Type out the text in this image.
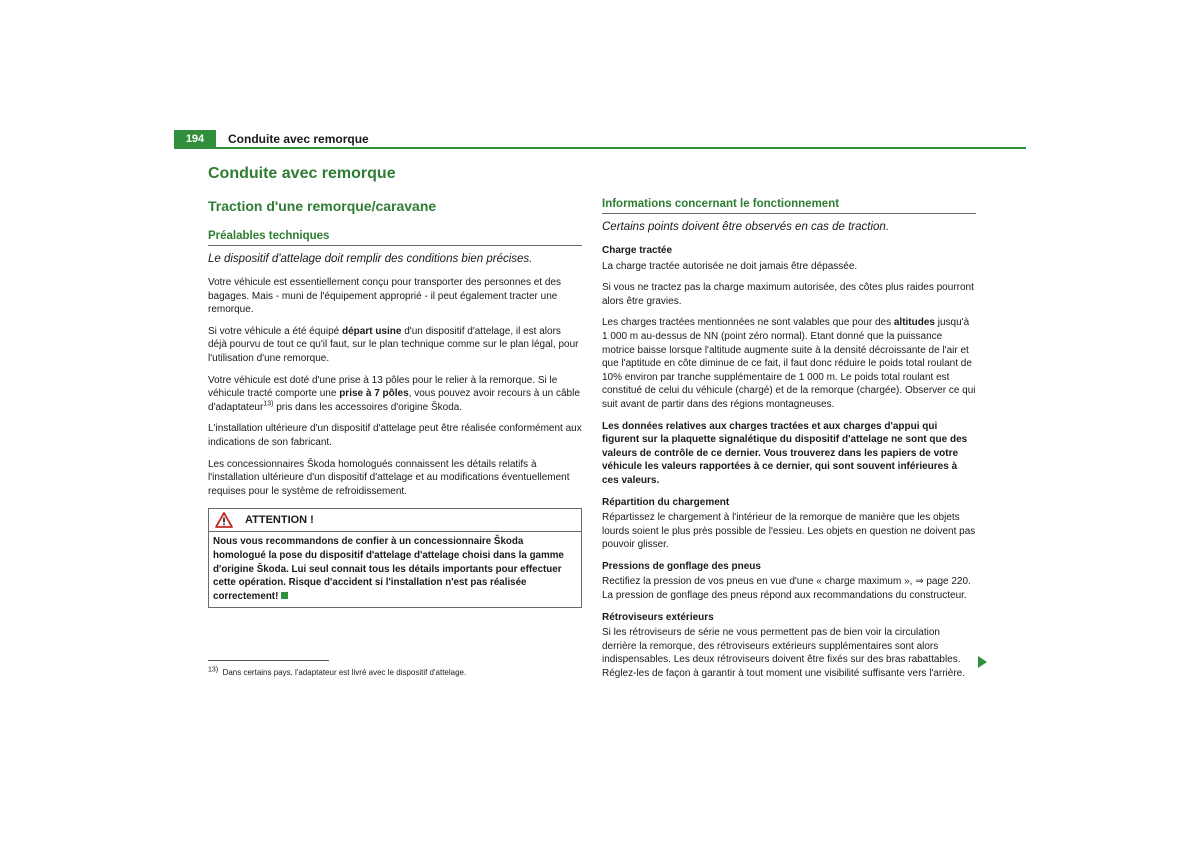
194	Conduite avec remorque
Conduite avec remorque
Traction d'une remorque/caravane
Préalables techniques
Le dispositif d'attelage doit remplir des conditions bien précises.

Votre véhicule est essentiellement conçu pour transporter des personnes et des bagages. Mais - muni de l'équipement approprié - il peut également tracter une remorque.

Si votre véhicule a été équipé départ usine d'un dispositif d'attelage, il est alors déjà pourvu de tout ce qu'il faut, sur le plan technique comme sur le plan légal, pour l'utilisation d'une remorque.

Votre véhicule est doté d'une prise à 13 pôles pour le relier à la remorque. Si le véhicule tracté comporte une prise à 7 pôles, vous pouvez avoir recours à un câble d'adaptateur$^{13)}$ pris dans les accessoires d'origine Škoda.

L'installation ultérieure d'un dispositif d'attelage peut être réalisée conformément aux indications de son fabricant.

Les concessionnaires Škoda homologués connaissent les détails relatifs à l'installation ultérieure d'un dispositif d'attelage et au modifications éventuellement requises pour le système de refroidissement.

ATTENTION !
Nous vous recommandons de confier à un concessionnaire Škoda homologué la pose du dispositif d'attelage d'attelage choisi dans la gamme d'origine Škoda. Lui seul connait tous les détails importants pour effectuer cette opération. Risque d'accident si l'installation n'est pas réalisée correctement!
$^{13)}$ Dans certains pays, l'adaptateur est livré avec le dispositif d'attelage.
Informations concernant le fonctionnement
Certains points doivent être observés en cas de traction.
Charge tractée

La charge tractée autorisée ne doit jamais être dépassée.

Si vous ne tractez pas la charge maximum autorisée, des côtes plus raides pourront alors être gravies.

Les charges tractées mentionnées ne sont valables que pour des altitudes jusqu'à 1 000 m au-dessus de NN (point zéro normal). Etant donné que la puissance motrice baisse lorsque l'altitude augmente suite à la densité décroissante de l'air et que l'aptitude en côte diminue de ce fait, il faut donc réduire le poids total roulant de 10% environ par tranche supplémentaire de 1 000 m. Le poids total roulant est constitué de celui du véhicule (chargé) et de la remorque (chargée). Observer ce qui suit avant de partir dans des régions montagneuses.

Les données relatives aux charges tractées et aux charges d'appui qui figurent sur la plaquette signalétique du dispositif d'attelage ne sont que des valeurs de contrôle de ce dernier. Vous trouverez dans les papiers de votre véhicule les valeurs rapportées à ce dernier, qui sont souvent inférieures à ces valeurs.

Répartition du chargement

Répartissez le chargement à l'intérieur de la remorque de manière que les objets lourds soient le plus près possible de l'essieu. Les objets en question ne doivent pas pouvoir glisser.

Pressions de gonflage des pneus

Rectifiez la pression de vos pneus en vue d'une « charge maximum », ⇒ page 220. La pression de gonflage des pneus répond aux recommandations du constructeur.

Rétroviseurs extérieurs

Si les rétroviseurs de série ne vous permettent pas de bien voir la circulation derrière la remorque, des rétroviseurs extérieurs supplémentaires sont alors indispensables. Les deux rétroviseurs doivent être fixés sur des bras rabattables. Réglez-les de façon à garantir à tout moment une visibilité suffisante vers l'arrière.
